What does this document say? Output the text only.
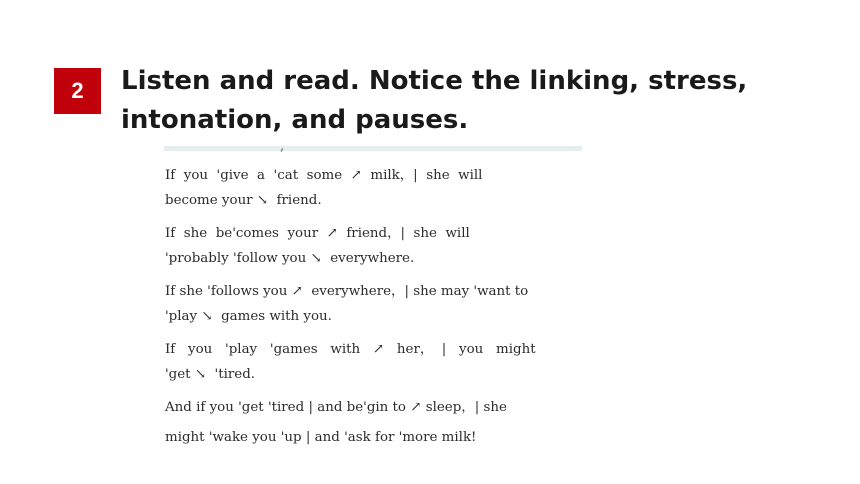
2	Listen and read. Notice the linking, stress, intonation, and pauses.
,
If  you  'give  a  'cat  some  ↗  milk，|  she  will
become your ↘  friend.
If  she  be'comes  your  ↗  friend，|  she  will
'probably 'follow you ↘  everywhere.
If she 'follows you ↗  everywhere，| she may 'want to
'play ↘  games with you.
If   you   'play   'games   with   ↗   her，  |   you   might
'get ↘  'tired.
And if you 'get 'tired | and be'gin to ↗ sleep，| she
might 'wake you 'up | and 'ask for 'more milk!
